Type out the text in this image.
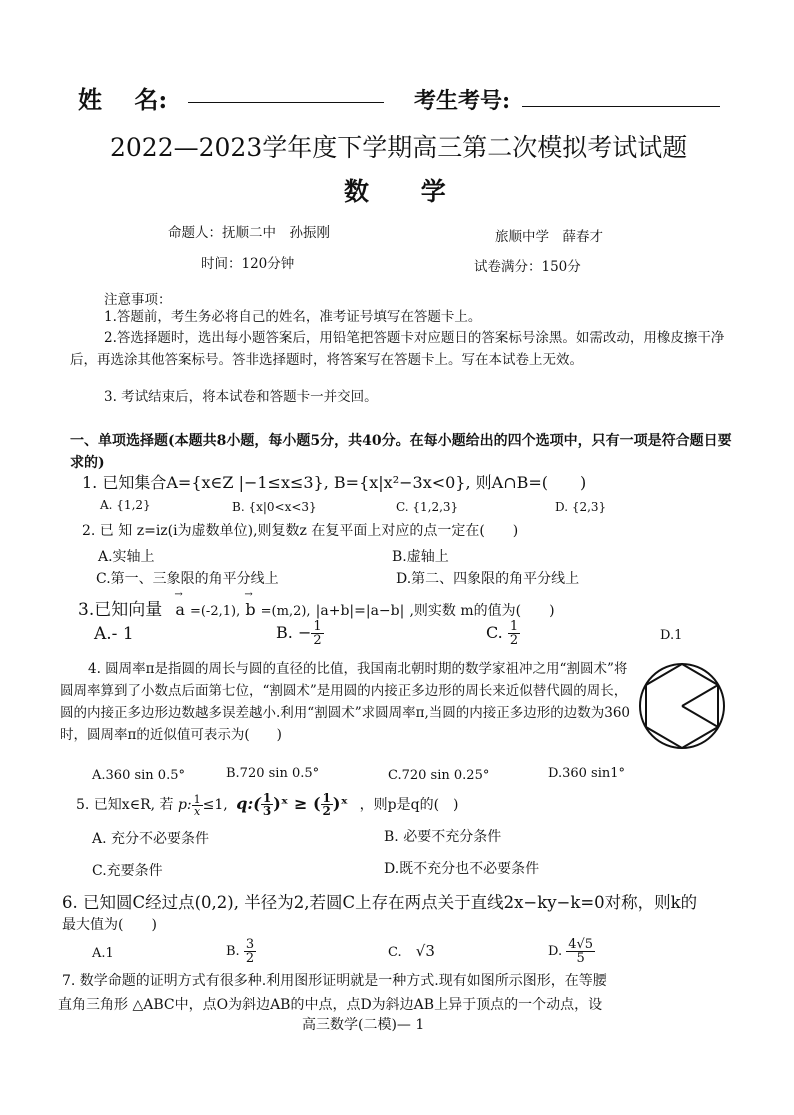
姓　 名:	考生考号:
2022—2023学年度下学期高三第二次模拟考试试题
数　 学
命题人：抚顺二中　孙振刚	旅顺中学　薛春才
时间：120分钟	试卷满分：150分
注意事项：
1.答题前，考生务必将自己的姓名，准考证号填写在答题卡上。
2.答选择题时，选出每小题答案后，用铅笔把答题卡对应题日的答案标号涂黑。如需改动，用橡皮擦干净后，再选涂其他答案标号。答非选择题时，将答案写在答题卡上。写在本试卷上无效。
3. 考试结束后，将本试卷和答题卡一并交回。
一、单项选择题(本题共8小题，每小题5分，共40分。在每小题给出的四个选项中，只有一项是符合题日要求的)
1. 已知集合A={x∈Z |−1≤x≤3}, B={x|x²−3x<0}, 则A∩B=(　　)
A. {1,2}	B. {x|0<x<3}	C. {1,2,3}	D. {2,3}
2. 已 知 z=iz(i为虚数单位),则复数z 在复平面上对应的点一定在(　　)
A.实轴上	B.虚轴上
C.第一、三象限的角平分线上	D.第二、四象限的角平分线上
3.已知向量 → a =(-2,1), → b =(m,2), |a+b|=|a−b| ,则实数 m的值为(　　)
A.- 1	B. − $\frac{1}{2}$	C. $\frac{1}{2}$	D.1
4. 圆周率π是指圆的周长与圆的直径的比值，我国南北朝时期的数学家祖冲之用“割圆术”将圆周率算到了小数点后面第七位，“割圆术”是用圆的内接正多边形的周长来近似替代圆的周长，圆的内接正多边形边数越多误差越小.利用“割圆术”求圆周率π,当圆的内接正多边形的边数为360时，圆周率π的近似值可表示为(　　)
A.360 sin 0.5°	B.720 sin 0.5°	C.720 sin 0.25°	D.360 sin1°
5. 已知x∈R, 若 p: $\frac{1}{x} \le 1$, q:( $\frac{1}{3}$ )ˣ ≥ ( $\frac{1}{2}$ )ˣ ，则p是q的(　)
A. 充分不必要条件	B. 必要不充分条件
C.充要条件	D.既不充分也不必要条件
6. 已知圆C经过点(0,2), 半径为2,若圆C上存在两点关于直线2x−ky−k=0对称，则k的
最大值为(　　)
A.1	B. $\frac{3}{2}$	C. √3	D. $\frac{4√5}{5}$
7. 数学命题的证明方式有很多种.利用图形证明就是一种方式.现有如图所示图形，在等腰
直角三角形 △ABC中，点O为斜边AB的中点，点D为斜边AB上异于顶点的一个动点，设
高三数学(二模)— 1
